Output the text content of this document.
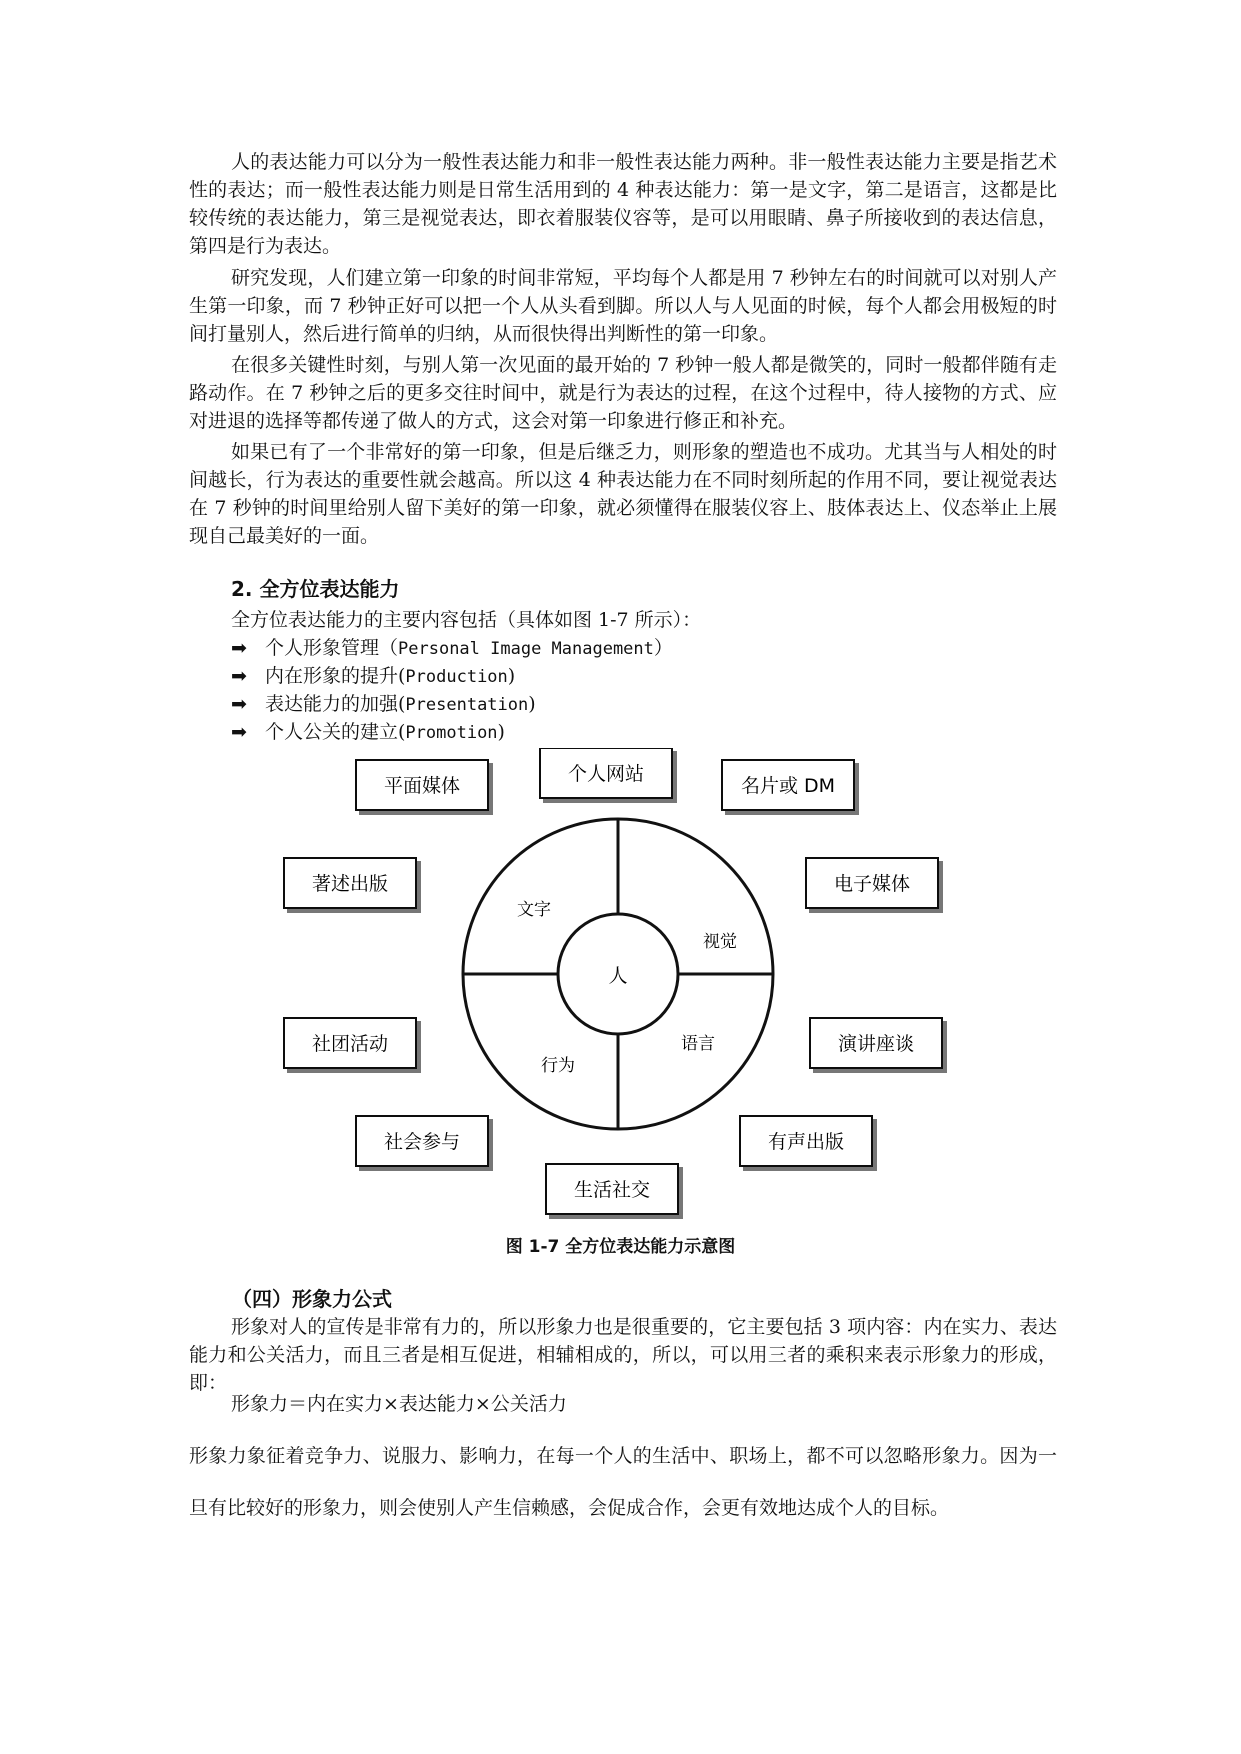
人的表达能力可以分为一般性表达能力和非一般性表达能力两种。非一般性表达能力主要是指艺术性的表达；而一般性表达能力则是日常生活用到的 4 种表达能力：第一是文字，第二是语言，这都是比较传统的表达能力，第三是视觉表达，即衣着服装仪容等，是可以用眼睛、鼻子所接收到的表达信息，第四是行为表达。

研究发现，人们建立第一印象的时间非常短，平均每个人都是用 7 秒钟左右的时间就可以对别人产生第一印象，而 7 秒钟正好可以把一个人从头看到脚。所以人与人见面的时候，每个人都会用极短的时间打量别人，然后进行简单的归纳，从而很快得出判断性的第一印象。

在很多关键性时刻，与别人第一次见面的最开始的 7 秒钟一般人都是微笑的，同时一般都伴随有走路动作。在 7 秒钟之后的更多交往时间中，就是行为表达的过程，在这个过程中，待人接物的方式、应对进退的选择等都传递了做人的方式，这会对第一印象进行修正和补充。

如果已有了一个非常好的第一印象，但是后继乏力，则形象的塑造也不成功。尤其当与人相处的时间越长，行为表达的重要性就会越高。所以这 4 种表达能力在不同时刻所起的作用不同，要让视觉表达在 7 秒钟的时间里给别人留下美好的第一印象，就必须懂得在服装仪容上、肢体表达上、仪态举止上展现自己最美好的一面。

2. 全方位表达能力

全方位表达能力的主要内容包括（具体如图 1-7 所示）：

➡ 个人形象管理（Personal Image Management）
➡ 内在形象的提升(Production)
➡ 表达能力的加强(Presentation)
➡ 个人公关的建立(Promotion)
人
文字
视觉
语言
行为
平面媒体
个人网站
名片或 DM
著述出版	电子媒体
社团活动	演讲座谈
社会参与	有声出版
生活社交

图 1-7 全方位表达能力示意图

（四）形象力公式

形象对人的宣传是非常有力的，所以形象力也是很重要的，它主要包括 3 项内容：内在实力、表达能力和公关活力，而且三者是相互促进，相辅相成的，所以，可以用三者的乘积来表示形象力的形成，即：

形象力＝内在实力×表达能力×公关活力

形象力象征着竞争力、说服力、影响力，在每一个人的生活中、职场上，都不可以忽略形象力。因为一旦有比较好的形象力，则会使别人产生信赖感，会促成合作，会更有效地达成个人的目标。
